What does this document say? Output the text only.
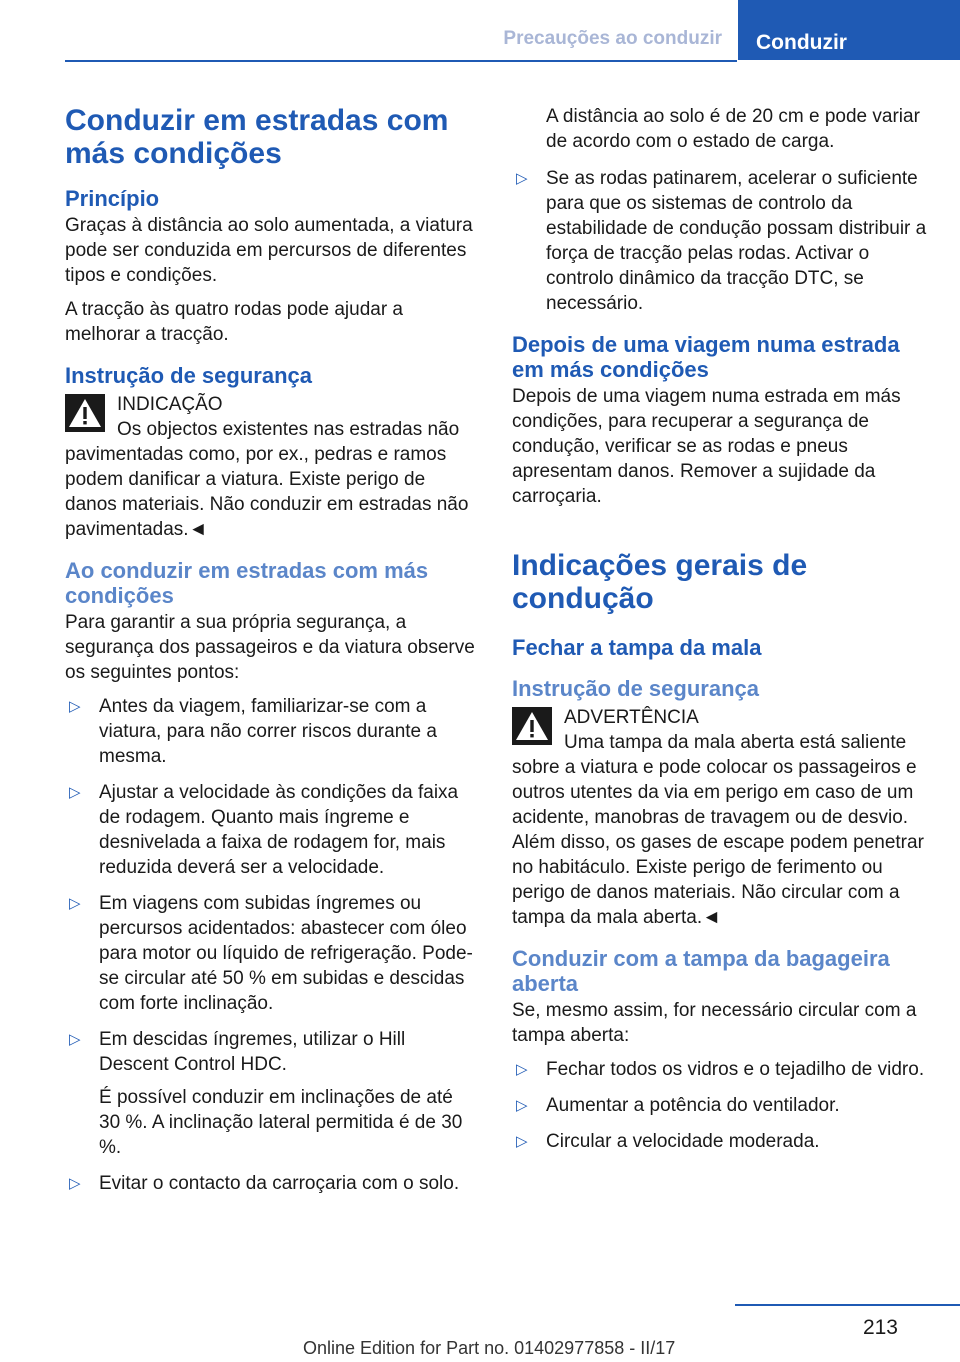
Precauções ao conduzir	Conduzir
Conduzir em estradas com más condições
Princípio

Graças à distância ao solo aumentada, a viatura pode ser conduzida em percursos de diferentes tipos e condições.

A tracção às quatro rodas pode ajudar a melhorar a tracção.

Instrução de segurança
INDICAÇÃO
Os objectos existentes nas estradas não pavimentadas como, por ex., pedras e ramos podem danificar a viatura. Existe perigo de danos materiais. Não conduzir em estradas não pavimentadas.◄
Ao conduzir em estradas com más condições

Para garantir a sua própria segurança, a segurança dos passageiros e da viatura observe os seguintes pontos:

▷ Antes da viagem, familiarizar-se com a viatura, para não correr riscos durante a mesma.

▷ Ajustar a velocidade às condições da faixa de rodagem. Quanto mais íngreme e desnivelada a faixa de rodagem for, mais reduzida deverá ser a velocidade.

▷ Em viagens com subidas íngremes ou percursos acidentados: abastecer com óleo para motor ou líquido de refrigeração. Pode-se circular até 50 % em subidas e descidas com forte inclinação.

▷ Em descidas íngremes, utilizar o Hill Descent Control HDC.

É possível conduzir em inclinações de até 30 %. A inclinação lateral permitida é de 30 %.

▷ Evitar o contacto da carroçaria com o solo.

A distância ao solo é de 20 cm e pode variar de acordo com o estado de carga.

▷ Se as rodas patinarem, acelerar o suficiente para que os sistemas de controlo da estabilidade de condução possam distribuir a força de tracção pelas rodas. Activar o controlo dinâmico da tracção DTC, se necessário.

Depois de uma viagem numa estrada em más condições

Depois de uma viagem numa estrada em más condições, para recuperar a segurança de condução, verificar se as rodas e pneus apresentam danos. Remover a sujidade da carroçaria.

Indicações gerais de condução
Fechar a tampa da mala
Instrução de segurança
ADVERTÊNCIA
Uma tampa da mala aberta está saliente sobre a viatura e pode colocar os passageiros e outros utentes da via em perigo em caso de um acidente, manobras de travagem ou de desvio. Além disso, os gases de escape podem penetrar no habitáculo. Existe perigo de ferimento ou perigo de danos materiais. Não circular com a tampa da mala aberta.◄
Conduzir com a tampa da bagageira aberta

Se, mesmo assim, for necessário circular com a tampa aberta:

▷ Fechar todos os vidros e o tejadilho de vidro.

▷ Aumentar a potência do ventilador.

▷ Circular a velocidade moderada.

213
Online Edition for Part no. 01402977858 - II/17
